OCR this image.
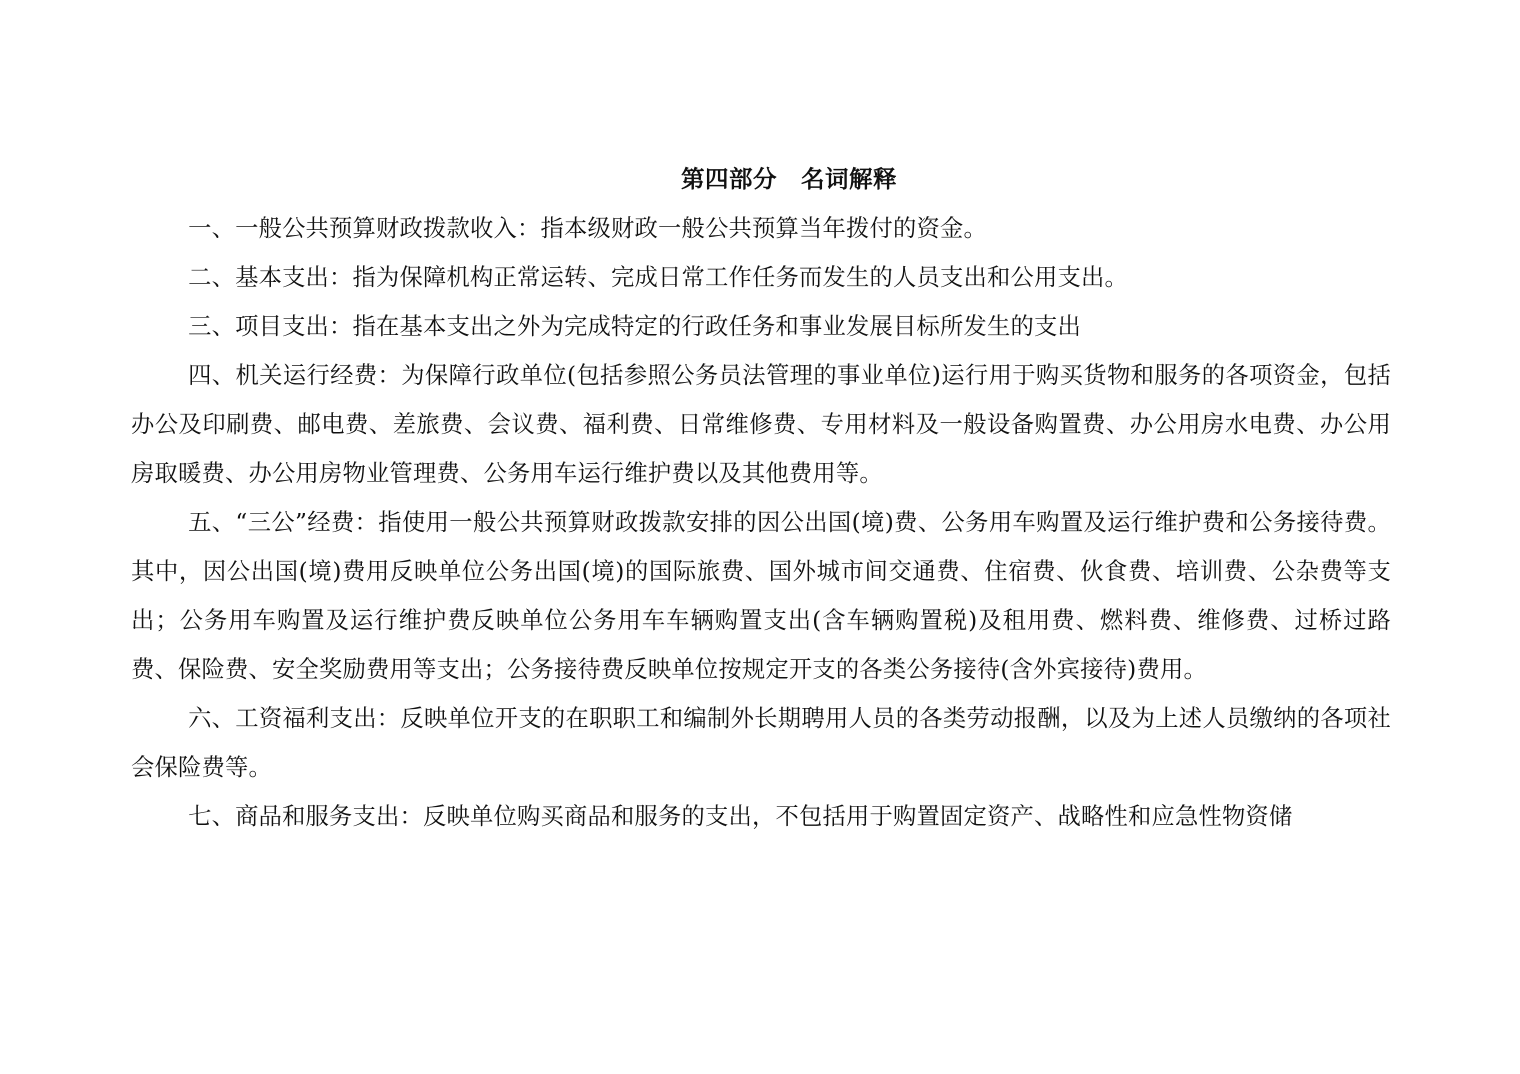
第四部分　名词解释

一、一般公共预算财政拨款收入：指本级财政一般公共预算当年拨付的资金。

二、基本支出：指为保障机构正常运转、完成日常工作任务而发生的人员支出和公用支出。

三、项目支出：指在基本支出之外为完成特定的行政任务和事业发展目标所发生的支出

四、机关运行经费：为保障行政单位(包括参照公务员法管理的事业单位)运行用于购买货物和服务的各项资金，包括办公及印刷费、邮电费、差旅费、会议费、福利费、日常维修费、专用材料及一般设备购置费、办公用房水电费、办公用房取暖费、办公用房物业管理费、公务用车运行维护费以及其他费用等。

五、“三公”经费：指使用一般公共预算财政拨款安排的因公出国(境)费、公务用车购置及运行维护费和公务接待费。其中，因公出国(境)费用反映单位公务出国(境)的国际旅费、国外城市间交通费、住宿费、伙食费、培训费、公杂费等支出；公务用车购置及运行维护费反映单位公务用车车辆购置支出(含车辆购置税)及租用费、燃料费、维修费、过桥过路费、保险费、安全奖励费用等支出；公务接待费反映单位按规定开支的各类公务接待(含外宾接待)费用。

六、工资福利支出：反映单位开支的在职职工和编制外长期聘用人员的各类劳动报酬，以及为上述人员缴纳的各项社会保险费等。

七、商品和服务支出：反映单位购买商品和服务的支出，不包括用于购置固定资产、战略性和应急性物资储
